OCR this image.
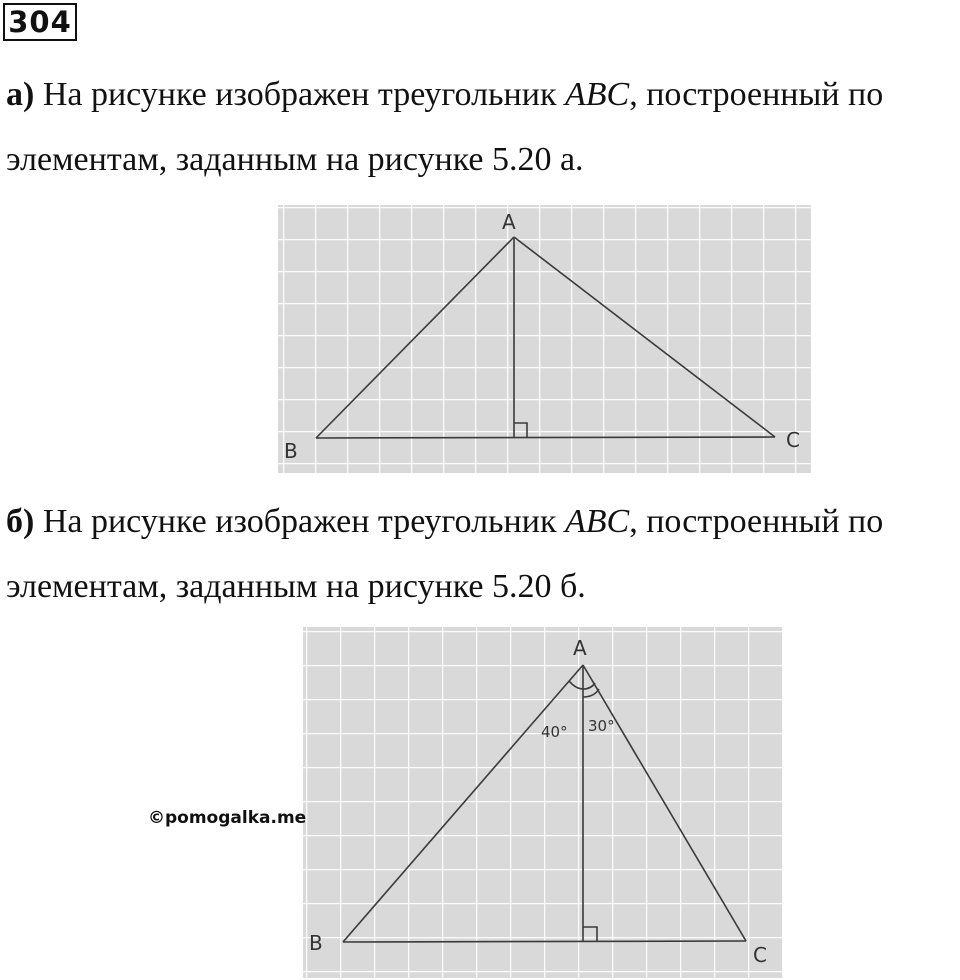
304
а) На рисунке изображен треугольник ABC, построенный по
элементам, заданным на рисунке 5.20 а.
A
B	C
б) На рисунке изображен треугольник ABC, построенный по
элементам, заданным на рисунке 5.20 б.
A
B	C
40° 30°
©pomogalka.me
